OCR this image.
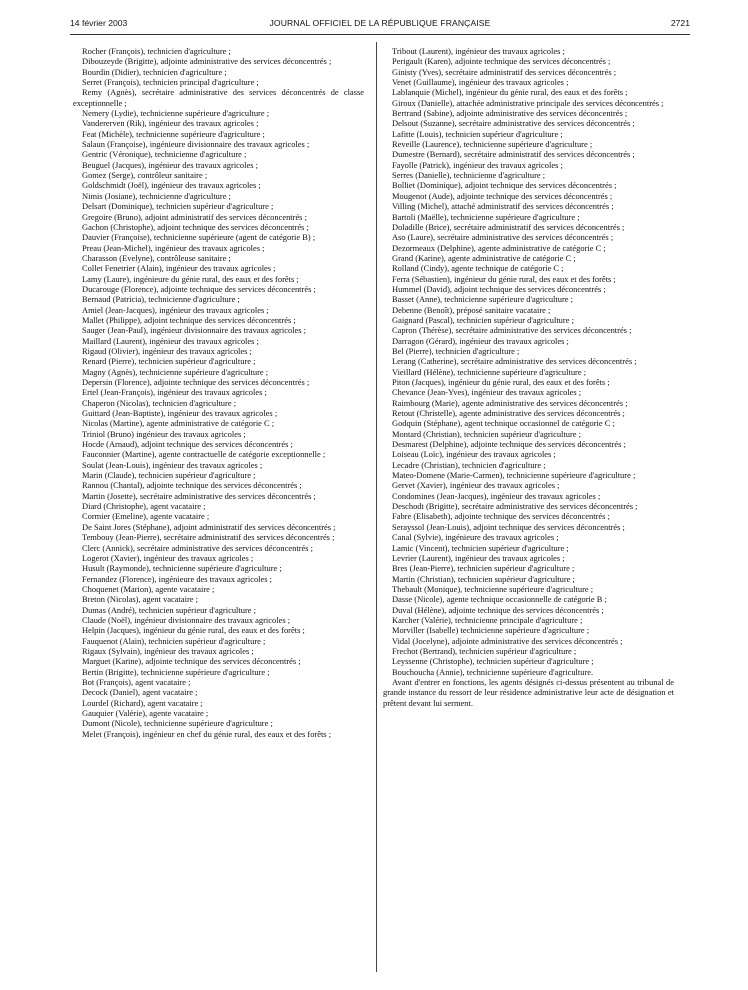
14 février 2003	JOURNAL OFFICIEL DE LA RÉPUBLIQUE FRANÇAISE	2721
Rocher (François), technicien d'agriculture ;
Dibouzeyde (Brigitte), adjointe administrative des services déconcentrés ;
Bourdin (Didier), technicien d'agriculture ;
Serret (François), technicien principal d'agriculture ;
Remy (Agnès), secrétaire administrative des services déconcentrés de classe exceptionnelle ;
Nemery (Lydie), technicienne supérieure d'agriculture ;
Vandererven (Rik), ingénieur des travaux agricoles ;
Feat (Michèle), technicienne supérieure d'agriculture ;
Salaun (Françoise), ingénieure divisionnaire des travaux agricoles ;
Gentric (Véronique), technicienne d'agriculture ;
Beuguel (Jacques), ingénieur des travaux agricoles ;
Gomez (Serge), contrôleur sanitaire ;
Goldschmidt (Joël), ingénieur des travaux agricoles ;
Nimis (Josiane), technicienne d'agriculture ;
Delsart (Dominique), technicien supérieur d'agriculture ;
Gregoire (Bruno), adjoint administratif des services déconcentrés ;
Gachon (Christophe), adjoint technique des services déconcentrés ;
Dauvier (Françoise), technicienne supérieure (agent de catégorie B) ;
Preau (Jean-Michel), ingénieur des travaux agricoles ;
Charasson (Evelyne), contrôleuse sanitaire ;
Collet Fenetrier (Alain), ingénieur des travaux agricoles ;
Lamy (Laure), ingénieure du génie rural, des eaux et des forêts ;
Ducarouge (Florence), adjointe technique des services déconcentrés ;
Bernaud (Patricia), technicienne d'agriculture ;
Amiel (Jean-Jacques), ingénieur des travaux agricoles ;
Mallet (Philippe), adjoint technique des services déconcentrés ;
Sauger (Jean-Paul), ingénieur divisionnaire des travaux agricoles ;
Maillard (Laurent), ingénieur des travaux agricoles ;
Rigaud (Olivier), ingénieur des travaux agricoles ;
Renard (Pierre), technicien supérieur d'agriculture ;
Magny (Agnès), technicienne supérieure d'agriculture ;
Depersin (Florence), adjointe technique des services déconcentrés ;
Ertel (Jean-François), ingénieur des travaux agricoles ;
Chaperon (Nicolas), technicien d'agriculture ;
Guittard (Jean-Baptiste), ingénieur des travaux agricoles ;
Nicolas (Martine), agente administrative de catégorie C ;
Triniol (Bruno) ingénieur des travaux agricoles ;
Hocde (Arnaud), adjoint technique des services déconcentrés ;
Fauconnier (Martine), agente contractuelle de catégorie exceptionnelle ;
Soulat (Jean-Louis), ingénieur des travaux agricoles ;
Marin (Claude), technicien supérieur d'agriculture ;
Rannou (Chantal), adjointe technique des services déconcentrés ;
Martin (Josette), secrétaire administrative des services déconcentrés ;
Diard (Christophe), agent vacataire ;
Cormier (Emeline), agente vacataire ;
De Saint Jores (Stéphane), adjoint administratif des services déconcentrés ;
Tembouy (Jean-Pierre), secrétaire administratif des services déconcentrés ;
Clerc (Annick), secrétaire administrative des services déconcentrés ;
Logerot (Xavier), ingénieur des travaux agricoles ;
Husult (Raymonde), technicienne supérieure d'agriculture ;
Fernandez (Florence), ingénieure des travaux agricoles ;
Choquenet (Marion), agente vacataire ;
Breton (Nicolas), agent vacataire ;
Dumas (André), technicien supérieur d'agriculture ;
Claude (Noël), ingénieur divisionnaire des travaux agricoles ;
Helpin (Jacques), ingénieur du génie rural, des eaux et des forêts ;
Fauquenot (Alain), technicien supérieur d'agriculture ;
Rigaux (Sylvain), ingénieur des travaux agricoles ;
Marguet (Karine), adjointe technique des services déconcentrés ;
Bertin (Brigitte), technicienne supérieure d'agriculture ;
Bot (François), agent vacataire ;
Decock (Daniel), agent vacataire ;
Lourdel (Richard), agent vacataire ;
Gauquier (Valérie), agente vacataire ;
Dumont (Nicole), technicienne supérieure d'agriculture ;
Melet (François), ingénieur en chef du génie rural, des eaux et des forêts ;
Tribout (Laurent), ingénieur des travaux agricoles ;
Perigault (Karen), adjointe technique des services déconcentrés ;
Ginisty (Yves), secrétaire administratif des services déconcentrés ;
Venet (Guillaume), ingénieur des travaux agricoles ;
Lablanquie (Michel), ingénieur du génie rural, des eaux et des forêts ;
Giroux (Danielle), attachée administrative principale des services déconcentrés ;
Bertrand (Sabine), adjointe administrative des services déconcentrés ;
Delsout (Suzanne), secrétaire administrative des services déconcentrés ;
Lafitte (Louis), technicien supérieur d'agriculture ;
Reveille (Laurence), technicienne supérieure d'agriculture ;
Dumestre (Bernard), secrétaire administratif des services déconcentrés ;
Fayolle (Patrick), ingénieur des travaux agricoles ;
Serres (Danielle), technicienne d'agriculture ;
Bolliet (Dominique), adjoint technique des services déconcentrés ;
Mougenot (Aude), adjointe technique des services déconcentrés ;
Villing (Michel), attaché administratif des services déconcentrés ;
Bartoli (Maëlle), technicienne supérieure d'agriculture ;
Doladille (Brice), secrétaire administratif des services déconcentrés ;
Aso (Laure), secrétaire administrative des services déconcentrés ;
Dezormeaux (Delphine), agente administrative de catégorie C ;
Grand (Karine), agente administrative de catégorie C ;
Rolland (Cindy), agente technique de catégorie C ;
Ferra (Sébastien), ingénieur du génie rural, des eaux et des forêts ;
Hummel (David), adjoint technique des services déconcentrés ;
Basset (Anne), technicienne supérieure d'agriculture ;
Debenne (Benoît), préposé sanitaire vacataire ;
Gaignard (Pascal), technicien supérieur d'agriculture ;
Capron (Thérèse), secrétaire administrative des services déconcentrés ;
Darragon (Gérard), ingénieur des travaux agricoles ;
Bel (Pierre), technicien d'agriculture ;
Lerang (Catherine), secrétaire administrative des services déconcentrés ;
Vieillard (Hélène), technicienne supérieure d'agriculture ;
Piton (Jacques), ingénieur du génie rural, des eaux et des forêts ;
Chevance (Jean-Yves), ingénieur des travaux agricoles ;
Raimbourg (Marie), agente administrative des services déconcentrés ;
Retout (Christelle), agente administrative des services déconcentrés ;
Godquin (Stéphane), agent technique occasionnel de catégorie C ;
Montard (Christian), technicien supérieur d'agriculture ;
Desmarest (Delphine), adjointe technique des services déconcentrés ;
Loiseau (Loïc), ingénieur des travaux agricoles ;
Lecadre (Christian), technicien d'agriculture ;
Mateo-Domene (Marie-Carmen), technicienne supérieure d'agriculture ;
Gervet (Xavier), ingénieur des travaux agricoles ;
Condomines (Jean-Jacques), ingénieur des travaux agricoles ;
Deschodt (Brigitte), secrétaire administrative des services déconcentrés ;
Fabre (Elisabeth), adjointe technique des services déconcentrés ;
Serayssol (Jean-Louis), adjoint technique des services déconcentrés ;
Canal (Sylvie), ingénieure des travaux agricoles ;
Lamic (Vincent), technicien supérieur d'agriculture ;
Levrier (Laurent), ingénieur des travaux agricoles ;
Bres (Jean-Pierre), technicien supérieur d'agriculture ;
Martin (Christian), technicien supérieur d'agriculture ;
Thebault (Monique), technicienne supérieure d'agriculture ;
Dasse (Nicole), agente technique occasionnelle de catégorie B ;
Duval (Hélène), adjointe technique des services déconcentrés ;
Karcher (Valérie), technicienne principale d'agriculture ;
Morviller (Isabelle) technicienne supérieure d'agriculture ;
Vidal (Jocelyne), adjointe administrative des services déconcentrés ;
Frechot (Bertrand), technicien supérieur d'agriculture ;
Leyssenne (Christophe), technicien supérieur d'agriculture ;
Bouchoucha (Annie), technicienne supérieure d'agriculture.
Avant d'entrer en fonctions, les agents désignés ci-dessus présentent au tribunal de grande instance du ressort de leur résidence administrative leur acte de désignation et prêtent devant lui serment.
